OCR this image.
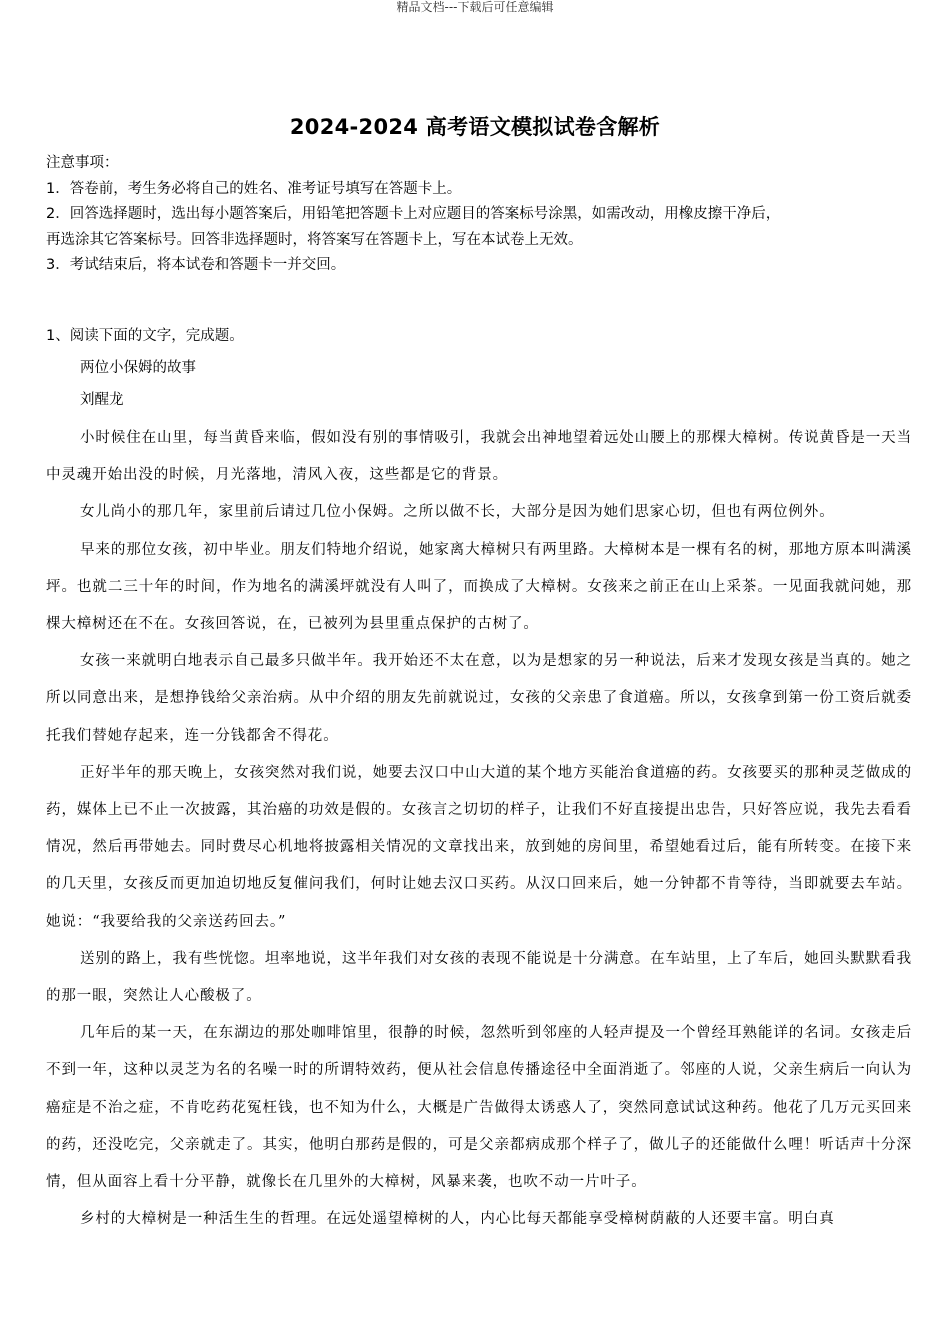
精品文档---下载后可任意编辑
2024-2024 高考语文模拟试卷含解析

注意事项：

1．答卷前，考生务必将自己的姓名、准考证号填写在答题卡上。

2．回答选择题时，选出每小题答案后，用铅笔把答题卡上对应题目的答案标号涂黑，如需改动，用橡皮擦干净后，

再选涂其它答案标号。回答非选择题时，将答案写在答题卡上，写在本试卷上无效。

3．考试结束后，将本试卷和答题卡一并交回。

1、阅读下面的文字，完成题。

两位小保姆的故事

刘醒龙

小时候住在山里，每当黄昏来临，假如没有别的事情吸引，我就会出神地望着远处山腰上的那棵大樟树。传说黄昏是一天当中灵魂开始出没的时候，月光落地，清风入夜，这些都是它的背景。

女儿尚小的那几年，家里前后请过几位小保姆。之所以做不长，大部分是因为她们思家心切，但也有两位例外。

早来的那位女孩，初中毕业。朋友们特地介绍说，她家离大樟树只有两里路。大樟树本是一棵有名的树，那地方原本叫满溪坪。也就二三十年的时间，作为地名的满溪坪就没有人叫了，而换成了大樟树。女孩来之前正在山上采茶。一见面我就问她，那棵大樟树还在不在。女孩回答说，在，已被列为县里重点保护的古树了。

女孩一来就明白地表示自己最多只做半年。我开始还不太在意，以为是想家的另一种说法，后来才发现女孩是当真的。她之所以同意出来，是想挣钱给父亲治病。从中介绍的朋友先前就说过，女孩的父亲患了食道癌。所以，女孩拿到第一份工资后就委托我们替她存起来，连一分钱都舍不得花。

正好半年的那天晚上，女孩突然对我们说，她要去汉口中山大道的某个地方买能治食道癌的药。女孩要买的那种灵芝做成的药，媒体上已不止一次披露，其治癌的功效是假的。女孩言之切切的样子，让我们不好直接提出忠告，只好答应说，我先去看看情况，然后再带她去。同时费尽心机地将披露相关情况的文章找出来，放到她的房间里，希望她看过后，能有所转变。在接下来的几天里，女孩反而更加迫切地反复催问我们，何时让她去汉口买药。从汉口回来后，她一分钟都不肯等待，当即就要去车站。她说：“我要给我的父亲送药回去。”

送别的路上，我有些恍惚。坦率地说，这半年我们对女孩的表现不能说是十分满意。在车站里，上了车后，她回头默默看我的那一眼，突然让人心酸极了。

几年后的某一天，在东湖边的那处咖啡馆里，很静的时候，忽然听到邻座的人轻声提及一个曾经耳熟能详的名词。女孩走后不到一年，这种以灵芝为名的名噪一时的所谓特效药，便从社会信息传播途径中全面消逝了。邻座的人说，父亲生病后一向认为癌症是不治之症，不肯吃药花冤枉钱，也不知为什么，大概是广告做得太诱惑人了，突然同意试试这种药。他花了几万元买回来的药，还没吃完，父亲就走了。其实，他明白那药是假的，可是父亲都病成那个样子了，做儿子的还能做什么哩！听话声十分深情，但从面容上看十分平静，就像长在几里外的大樟树，风暴来袭，也吹不动一片叶子。

乡村的大樟树是一种活生生的哲理。在远处遥望樟树的人，内心比每天都能享受樟树荫蔽的人还要丰富。明白真
